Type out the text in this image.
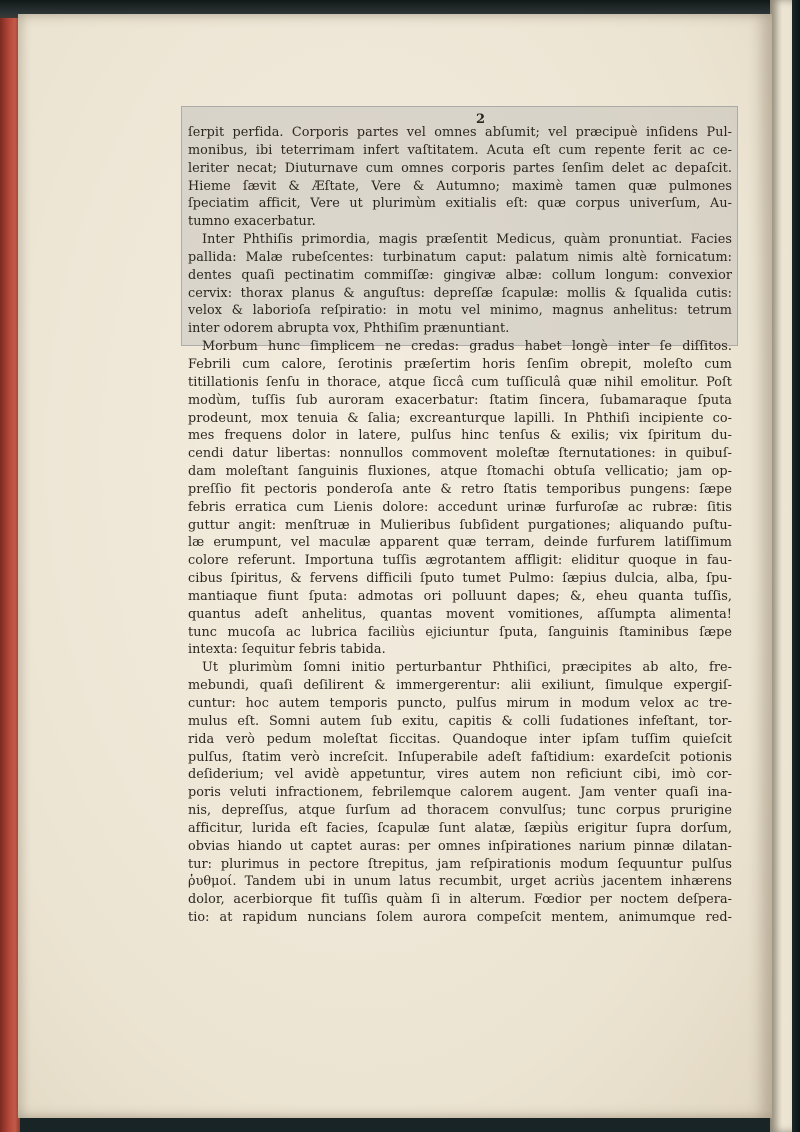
2

ſerpit perfida. Corporis partes vel omnes abſumit; vel præcipuè inſidens Pul-
monibus, ibi teterrimam infert vaſtitatem. Acuta eſt cum repente ferit ac ce-
leriter necat; Diuturnave cum omnes corporis partes ſenſim delet ac depaſcit.
Hieme ſævit & Æſtate, Vere & Autumno; maximè tamen quæ pulmones
ſpeciatim afficit, Vere ut plurimùm exitialis eſt: quæ corpus univerſum, Au-
tumno exacerbatur.
Inter Phthiſis primordia, magis præſentit Medicus, quàm pronuntiat. Facies
pallida: Malæ rubeſcentes: turbinatum caput: palatum nimis altè fornicatum:
dentes quaſi pectinatim commiſſæ: gingivæ albæ: collum longum: convexior
cervix: thorax planus & anguſtus: depreſſæ ſcapulæ: mollis & ſqualida cutis:
velox & laborioſa reſpiratio: in motu vel minimo, magnus anhelitus: tetrum
inter odorem abrupta vox, Phthiſim prænuntiant.
Morbum hunc ſimplicem ne credas: gradus habet longè inter ſe diſſitos.
Febrili cum calore, ſerotinis præſertim horis ſenſim obrepit, moleſto cum
titillationis ſenſu in thorace, atque ſiccâ cum tuſſiculâ quæ nihil emolitur. Poſt
modùm, tuſſis ſub auroram exacerbatur: ſtatim ſincera, ſubamaraque ſputa
prodeunt, mox tenuia & ſalia; excreanturque lapilli. In Phthiſi incipiente co-
mes frequens dolor in latere, pulſus hinc tenſus & exilis; vix ſpiritum du-
cendi datur libertas: nonnullos commovent moleſtæ ſternutationes: in quibuſ-
dam moleſtant ſanguinis fluxiones, atque ſtomachi obtuſa vellicatio; jam op-
preſſio fit pectoris ponderoſa ante & retro ſtatis temporibus pungens: ſæpe
febris erratica cum Lienis dolore: accedunt urinæ furfuroſæ ac rubræ: ſitis
guttur angit: menſtruæ in Mulieribus ſubſident purgationes; aliquando puſtu-
læ erumpunt, vel maculæ apparent quæ terram, deinde furfurem latiſſimum
colore referunt. Importuna tuſſis ægrotantem affligit: eliditur quoque in fau-
cibus ſpiritus, & fervens difficili ſputo tumet Pulmo: ſæpius dulcia, alba, ſpu-
mantiaque fiunt ſputa: admotas ori polluunt dapes; &, eheu quanta tuſſis,
quantus adeſt anhelitus, quantas movent vomitiones, aſſumpta alimenta!
tunc mucoſa ac lubrica faciliùs ejiciuntur ſputa, ſanguinis ſtaminibus ſæpe
intexta: ſequitur febris tabida.
Ut plurimùm ſomni initio perturbantur Phthiſici, præcipites ab alto, fre-
mebundi, quaſi deſilirent & immergerentur: alii exiliunt, ſimulque expergiſ-
cuntur: hoc autem temporis puncto, pulſus mirum in modum velox ac tre-
mulus eſt. Somni autem ſub exitu, capitis & colli ſudationes infeſtant, tor-
rida verò pedum moleſtat ſiccitas. Quandoque inter ipſam tuſſim quieſcit
pulſus, ſtatim verò increſcit. Inſuperabile adeſt faſtidium: exardeſcit potionis
deſiderium; vel avidè appetuntur, vires autem non reficiunt cibi, imò cor-
poris veluti infractionem, febrilemque calorem augent. Jam venter quaſi ina-
nis, depreſſus, atque ſurſum ad thoracem convulſus; tunc corpus prurigine
afficitur, lurida eſt facies, ſcapulæ ſunt alatæ, ſæpiùs erigitur ſupra dorſum,
obvias hiando ut captet auras: per omnes inſpirationes narium pinnæ dilatan-
tur: plurimus in pectore ſtrepitus, jam reſpirationis modum ſequuntur pulſus
ῥυθμοί. Tandem ubi in unum latus recumbit, urget acriùs jacentem inhærens
dolor, acerbiorque fit tuſſis quàm ſi in alterum. Fœdior per noctem deſpera-
tio: at rapidum nuncians ſolem aurora compeſcit mentem, animumque red-
